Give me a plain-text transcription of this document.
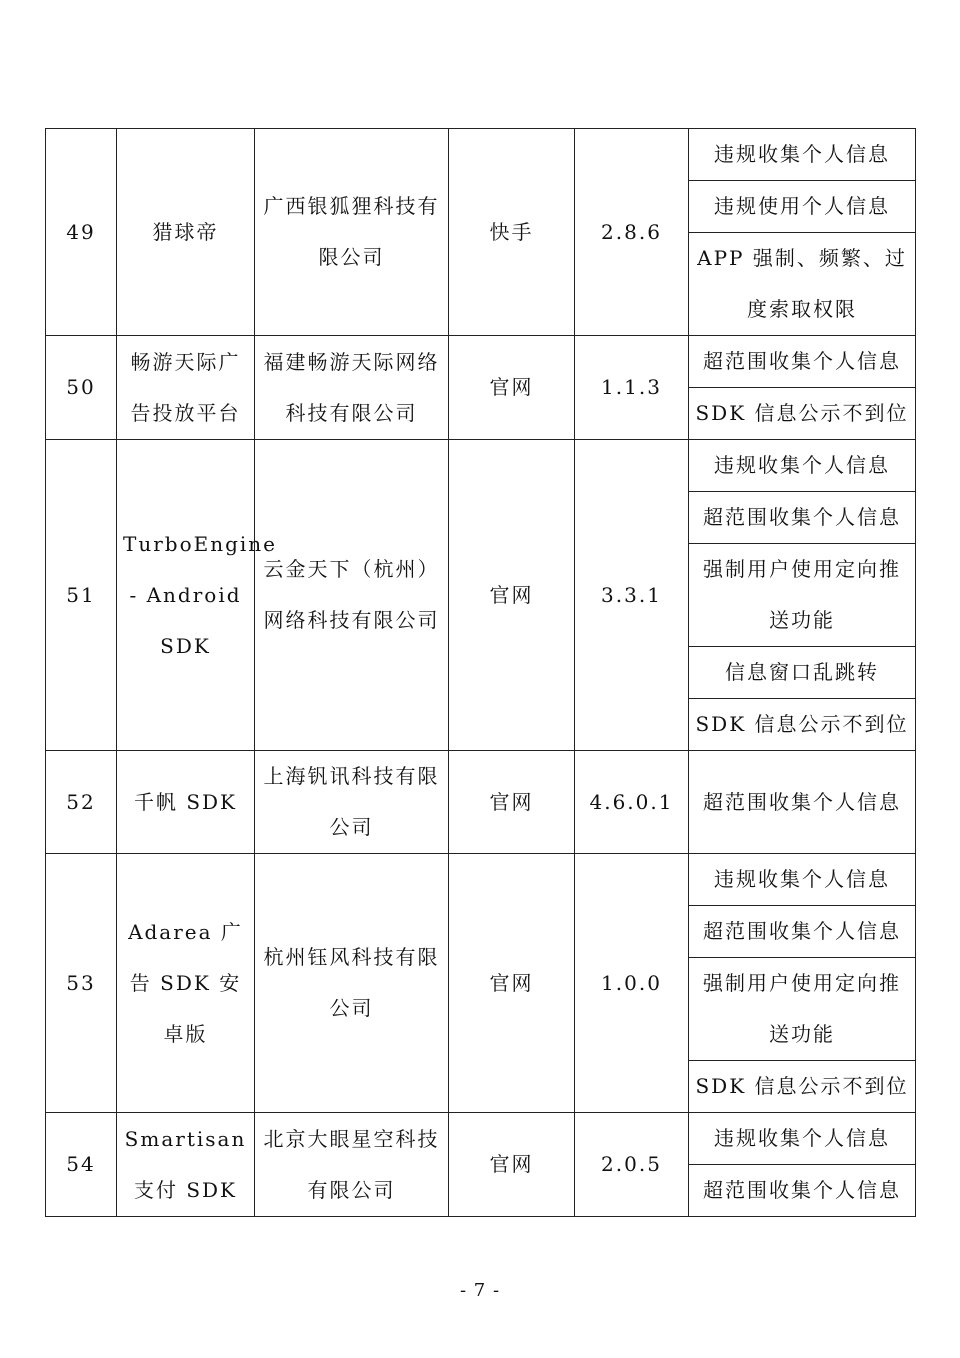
49	猎球帝	广西银狐狸科技有限公司	快手	2.8.6	违规收集个人信息
					违规使用个人信息
					APP 强制、频繁、过度索取权限

50	畅游天际广告投放平台	福建畅游天际网络科技有限公司	官网	1.1.3	超范围收集个人信息
					SDK 信息公示不到位
51	TurboEngine - Android SDK	云金天下（杭州）网络科技有限公司	官网	3.3.1	违规收集个人信息
					超范围收集个人信息
					强制用户使用定向推送功能
					信息窗口乱跳转
					SDK 信息公示不到位
52	千帆 SDK	上海钒讯科技有限公司	官网	4.6.0.1	超范围收集个人信息
53	Adarea 广告 SDK 安卓版	杭州钰风科技有限公司	官网	1.0.0	违规收集个人信息
					超范围收集个人信息
					强制用户使用定向推送功能
					SDK 信息公示不到位
54	Smartisan 支付 SDK	北京大眼星空科技有限公司	官网	2.0.5	违规收集个人信息
					超范围收集个人信息
- 7 -
